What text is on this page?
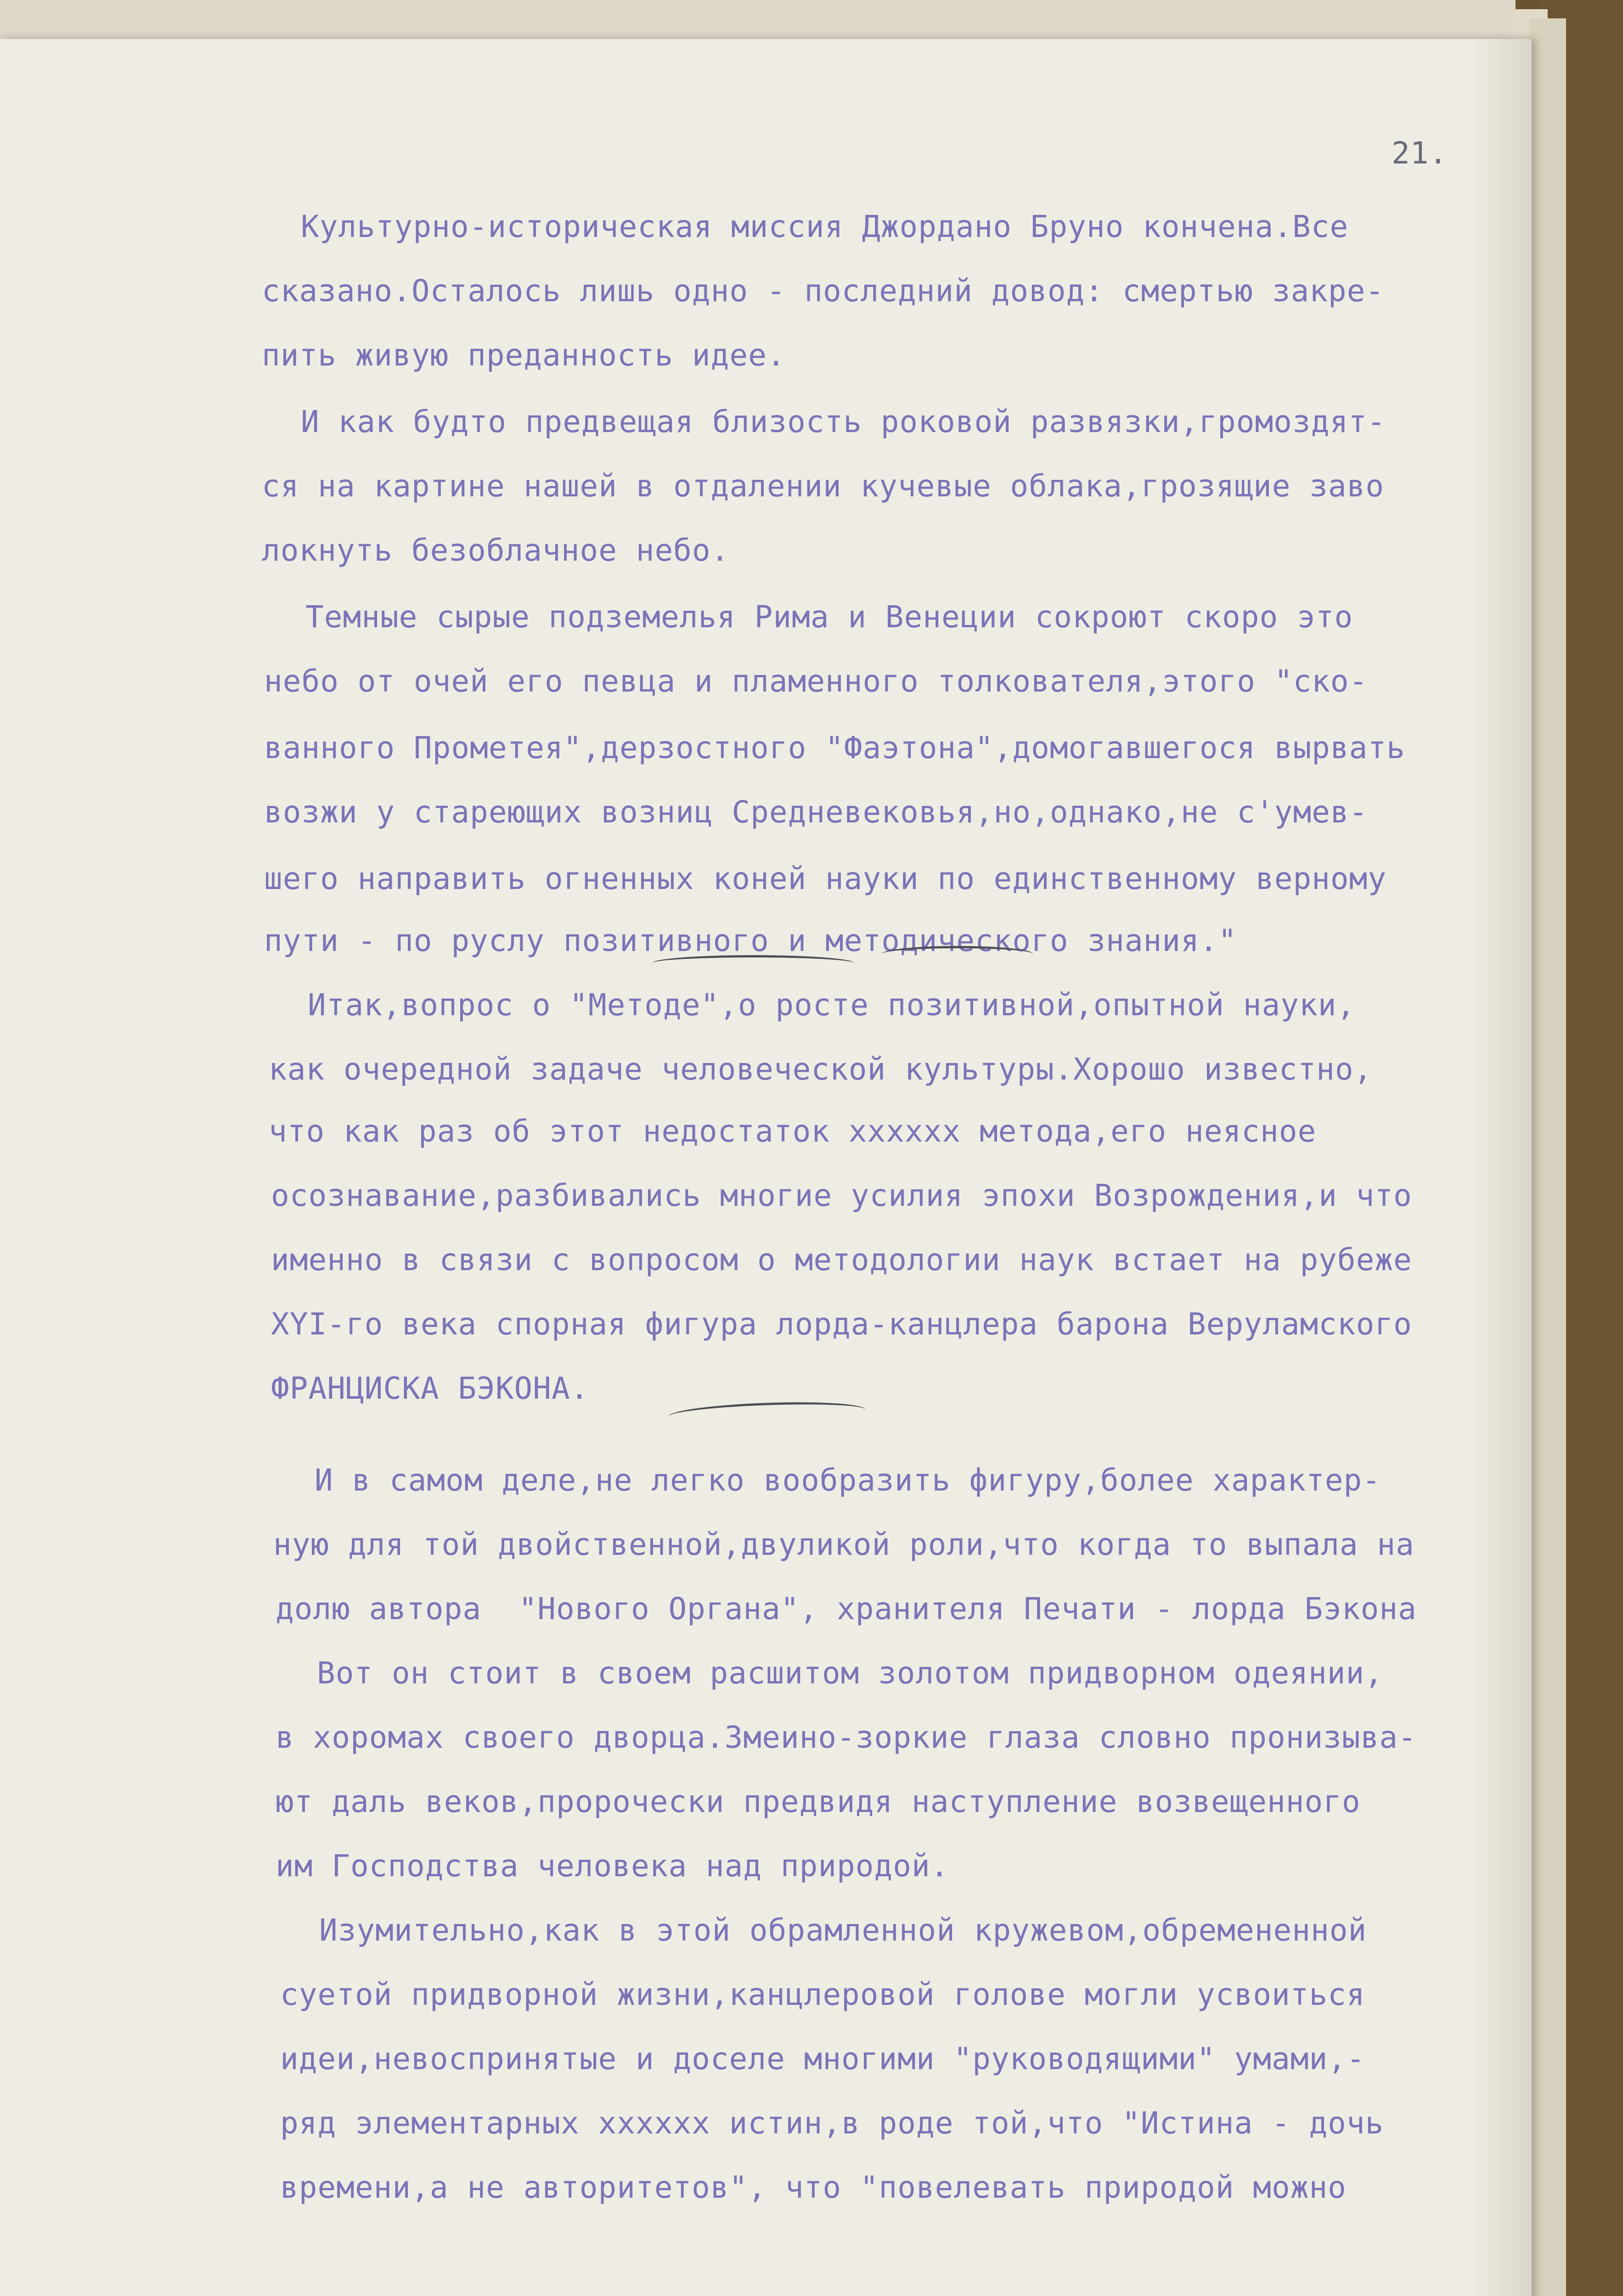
21.
Культурно-историческая миссия Джордано Бруно кончена.Все
сказано.Осталось лишь одно - последний довод: смертью закре-
пить живую преданность идее.
И как будто предвещая близость роковой развязки,громоздят-
ся на картине нашей в отдалении кучевые облака,грозящие заво
локнуть безоблачное небо.
Темные сырые подземелья Рима и Венеции сокроют скоро это
небо от очей его певца и пламенного толкователя,этого "ско-
ванного Прометея",дерзостного "Фаэтона",домогавшегося вырвать
возжи у стареющих возниц Средневековья,но,однако,не с'умев-
шего направить огненных коней науки по единственному верному
пути - по руслу позитивного и методического знания."
Итак,вопрос о "Методе",о росте позитивной,опытной науки,
как очередной задаче человеческой культуры.Хорошо известно,
что как раз об этот недостаток xxxxxx метода,его неясное
осознавание,разбивались многие усилия эпохи Возрождения,и что
именно в связи с вопросом о методологии наук встает на рубеже
XYI-го века спорная фигура лорда-канцлера барона Веруламского
ФРАНЦИСКА БЭКОНА.
И в самом деле,не легко вообразить фигуру,более характер-
ную для той двойственной,двуликой роли,что когда то выпала на
долю автора  "Нового Органа", хранителя Печати - лорда Бэкона
Вот он стоит в своем расшитом золотом придворном одеянии,
в хоромах своего дворца.Змеино-зоркие глаза словно пронизыва-
ют даль веков,пророчески предвидя наступление возвещенного
им Господства человека над природой.
Изумительно,как в этой обрамленной кружевом,обремененной
суетой придворной жизни,канцлеровой голове могли усвоиться
идеи,невоспринятые и доселе многими "руководящими" умами,-
ряд элементарных xxxxxx истин,в роде той,что "Истина - дочь
времени,а не авторитетов", что "повелевать природой можно
